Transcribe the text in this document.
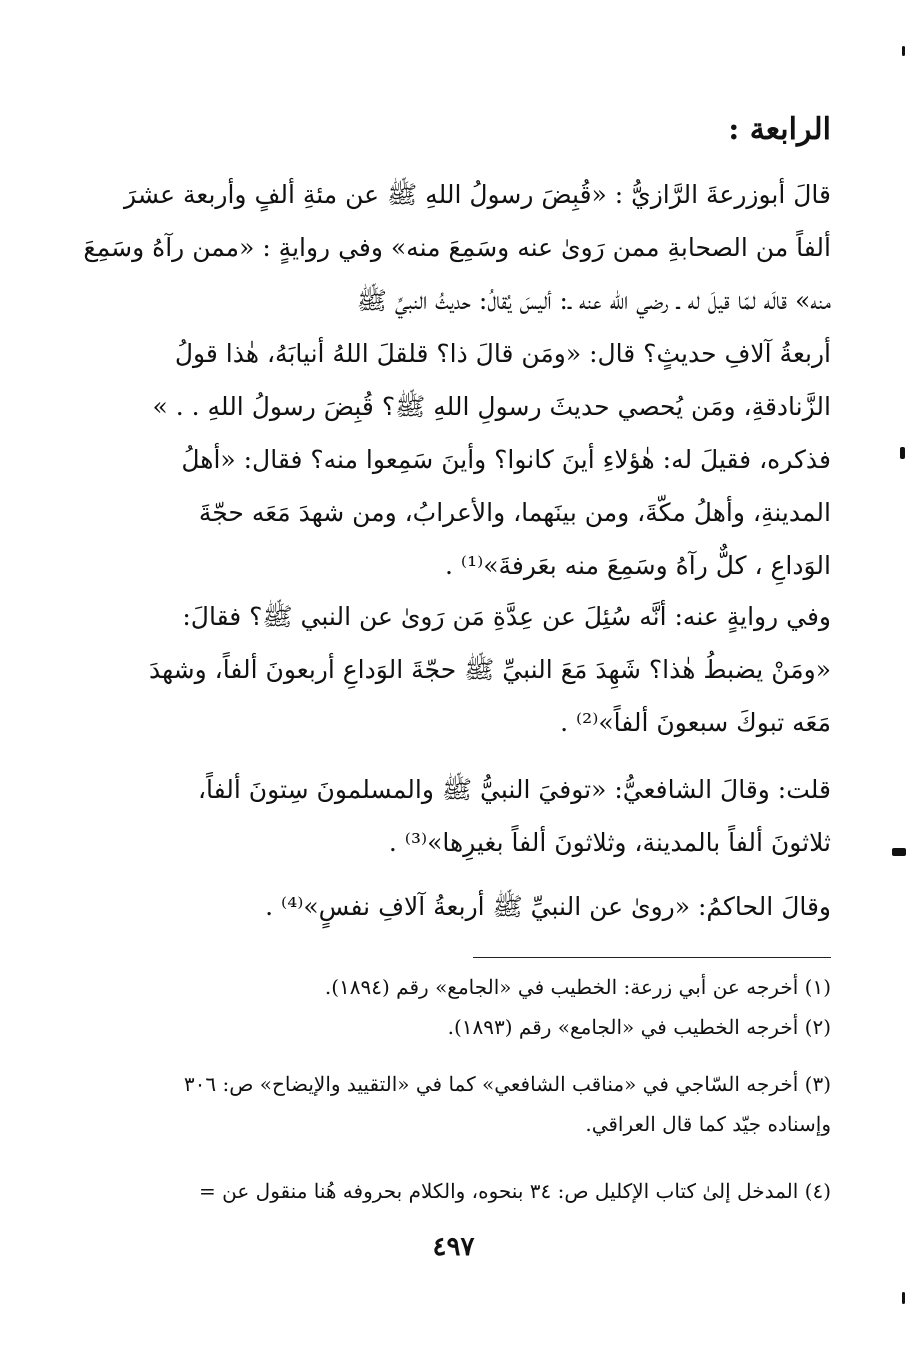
الرابعة :
قالَ أبوزرعةَ الرَّازيُّ : «قُبِضَ رسولُ اللهِ ﷺ عن مئةِ ألفٍ وأربعة عشرَ
ألفاً من الصحابةِ ممن رَوىٰ عنه وسَمِعَ منه» وفي روايةٍ : «ممن رآهُ وسَمِعَ
منه» قالَه لمّا قيلَ له ـ رضي الله عنه ـ: أليسَ يُقالُ: حديثُ النبيِّ ﷺ
أربعةُ آلافِ حديثٍ؟ قال: «ومَن قالَ ذا؟ قلقلَ اللهُ أنيابَهُ، هٰذا قولُ
الزَّنادقةِ، ومَن يُحصي حديثَ رسولِ اللهِ ﷺ؟ قُبِضَ رسولُ اللهِ . . »
فذكره، فقيلَ له: هٰؤلاءِ أينَ كانوا؟ وأينَ سَمِعوا منه؟ فقال: «أهلُ
المدينةِ، وأهلُ مكّةَ، ومن بينَهما، والأعرابُ، ومن شهدَ مَعَه حجّةَ
الوَداعِ ، كلٌّ رآهُ وسَمِعَ منه بعَرفةَ»⁽¹⁾ .
وفي روايةٍ عنه: أنَّه سُئِلَ عن عِدَّةِ مَن رَوىٰ عن النبي ﷺ؟ فقالَ:
«ومَنْ يضبطُ هٰذا؟ شَهِدَ مَعَ النبيِّ ﷺ حجّةَ الوَداعِ أربعونَ ألفاً، وشهدَ
مَعَه تبوكَ سبعونَ ألفاً»⁽²⁾ .
قلت: وقالَ الشافعيُّ: «توفيَ النبيُّ ﷺ والمسلمونَ سِتونَ ألفاً،
ثلاثونَ ألفاً بالمدينة، وثلاثونَ ألفاً بغيرِها»⁽³⁾ .
وقالَ الحاكمُ: «روىٰ عن النبيِّ ﷺ أربعةُ آلافِ نفسٍ»⁽⁴⁾ .
(١) أخرجه عن أبي زرعة: الخطيب في «الجامع» رقم (١٨٩٤).
(٢) أخرجه الخطيب في «الجامع» رقم (١٨٩٣).
(٣) أخرجه السّاجي في «مناقب الشافعي» كما في «التقييد والإيضاح» ص: ٣٠٦
وإسناده جيّد كما قال العراقي.
(٤) المدخل إلىٰ كتاب الإكليل ص: ٣٤ بنحوه، والكلام بحروفه هُنا منقول عن =
٤٩٧
